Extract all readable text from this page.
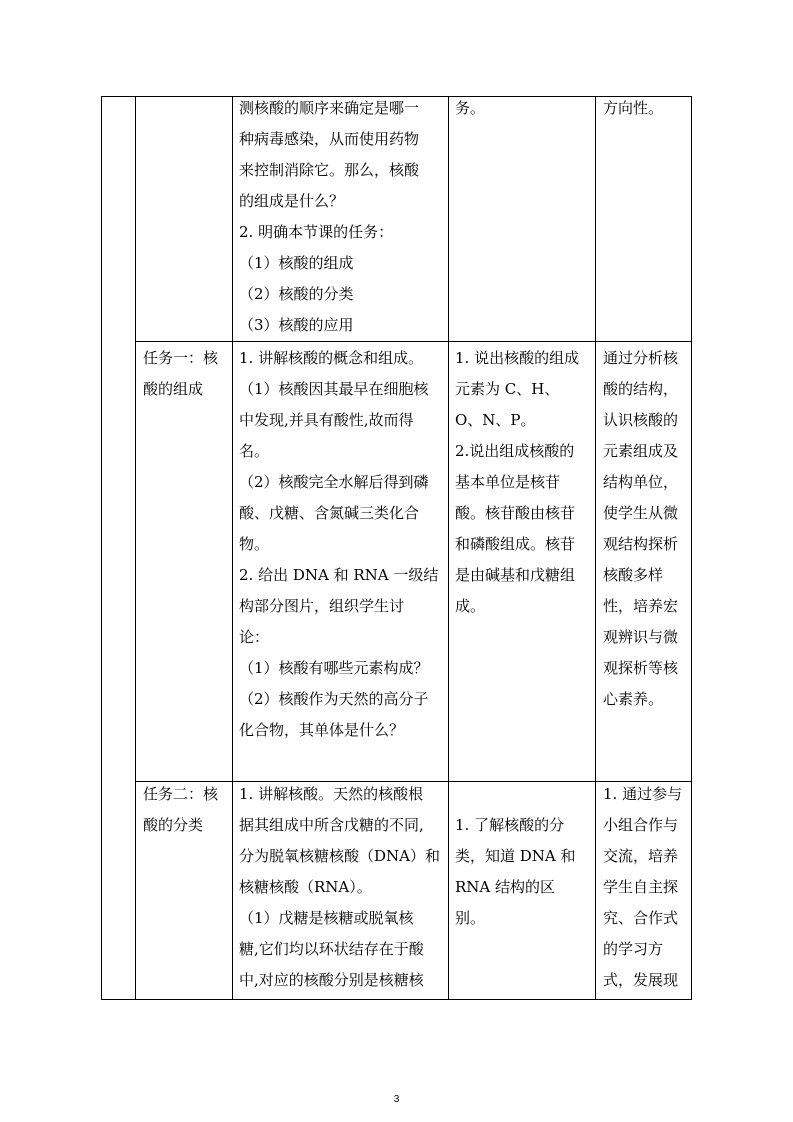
测核酸的顺序来确定是哪一
种病毒感染，从而使用药物
来控制消除它。那么，核酸
的组成是什么？
2. 明确本节课的任务：
（1）核酸的组成
（2）核酸的分类
（3）核酸的应用
务。	方向性。
任务一：核
酸的组成
1. 讲解核酸的概念和组成。
（1）核酸因其最早在细胞核
中发现,并具有酸性,故而得
名。
（2）核酸完全水解后得到磷
酸、戊糖、含氮碱三类化合
物。
2. 给出 DNA 和 RNA 一级结
构部分图片，组织学生讨
论：
（1）核酸有哪些元素构成？
（2）核酸作为天然的高分子
化合物，其单体是什么？
1. 说出核酸的组成
元素为 C、H、
O、N、P。
2.说出组成核酸的
基本单位是核苷
酸。核苷酸由核苷
和磷酸组成。核苷
是由碱基和戊糖组
成。
通过分析核
酸的结构，
认识核酸的
元素组成及
结构单位，
使学生从微
观结构探析
核酸多样
性，培养宏
观辨识与微
观探析等核
心素养。
任务二：核
酸的分类
1. 讲解核酸。天然的核酸根
据其组成中所含戊糖的不同,
分为脱氧核糖核酸（DNA）和
核糖核酸（RNA）。
（1）戊糖是核糖或脱氧核
糖,它们均以环状结存在于酸
中,对应的核酸分别是核糖核
1. 了解核酸的分
类，知道 DNA 和
RNA 结构的区
别。
1. 通过参与
小组合作与
交流，培养
学生自主探
究、合作式
的学习方
式，发展现
3
